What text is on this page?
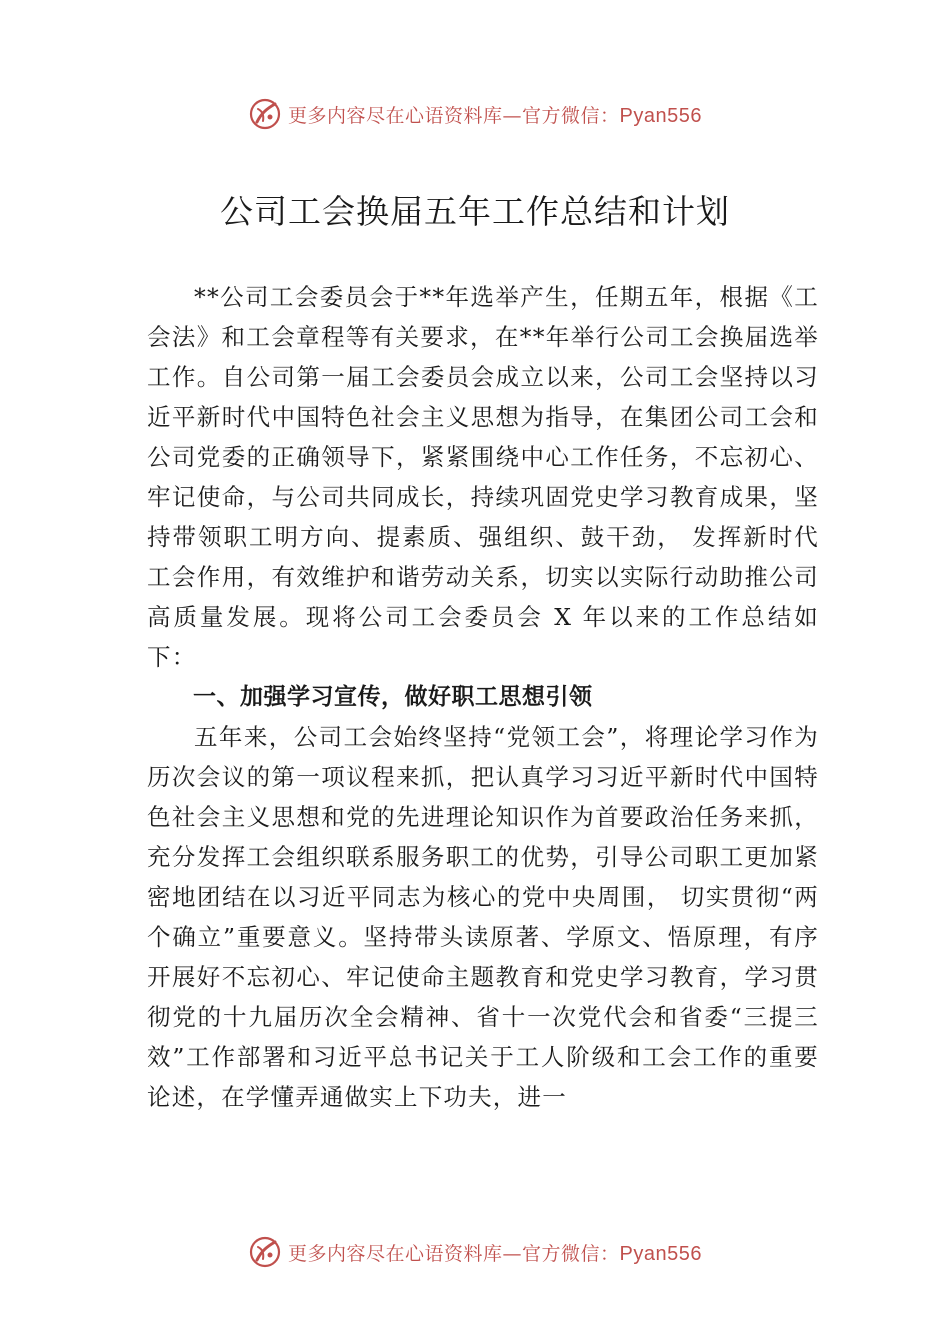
更多内容尽在心语资料库—官方微信：Pyan556
公司工会换届五年工作总结和计划

**公司工会委员会于**年选举产生，任期五年，根据《工会法》和工会章程等有关要求，在**年举行公司工会换届选举工作。自公司第一届工会委员会成立以来，公司工会坚持以习近平新时代中国特色社会主义思想为指导，在集团公司工会和公司党委的正确领导下，紧紧围绕中心工作任务，不忘初心、牢记使命，与公司共同成长，持续巩固党史学习教育成果，坚持带领职工明方向、提素质、强组织、鼓干劲， 发挥新时代工会作用，有效维护和谐劳动关系，切实以实际行动助推公司高质量发展。现将公司工会委员会 X 年以来的工作总结如下：

一、加强学习宣传，做好职工思想引领

五年来，公司工会始终坚持“党领工会”，将理论学习作为历次会议的第一项议程来抓，把认真学习习近平新时代中国特色社会主义思想和党的先进理论知识作为首要政治任务来抓，充分发挥工会组织联系服务职工的优势，引导公司职工更加紧密地团结在以习近平同志为核心的党中央周围， 切实贯彻“两个确立”重要意义。坚持带头读原著、学原文、悟原理，有序开展好不忘初心、牢记使命主题教育和党史学习教育，学习贯彻党的十九届历次全会精神、省十一次党代会和省委“三提三效”工作部署和习近平总书记关于工人阶级和工会工作的重要论述，在学懂弄通做实上下功夫，进一

更多内容尽在心语资料库—官方微信：Pyan556
